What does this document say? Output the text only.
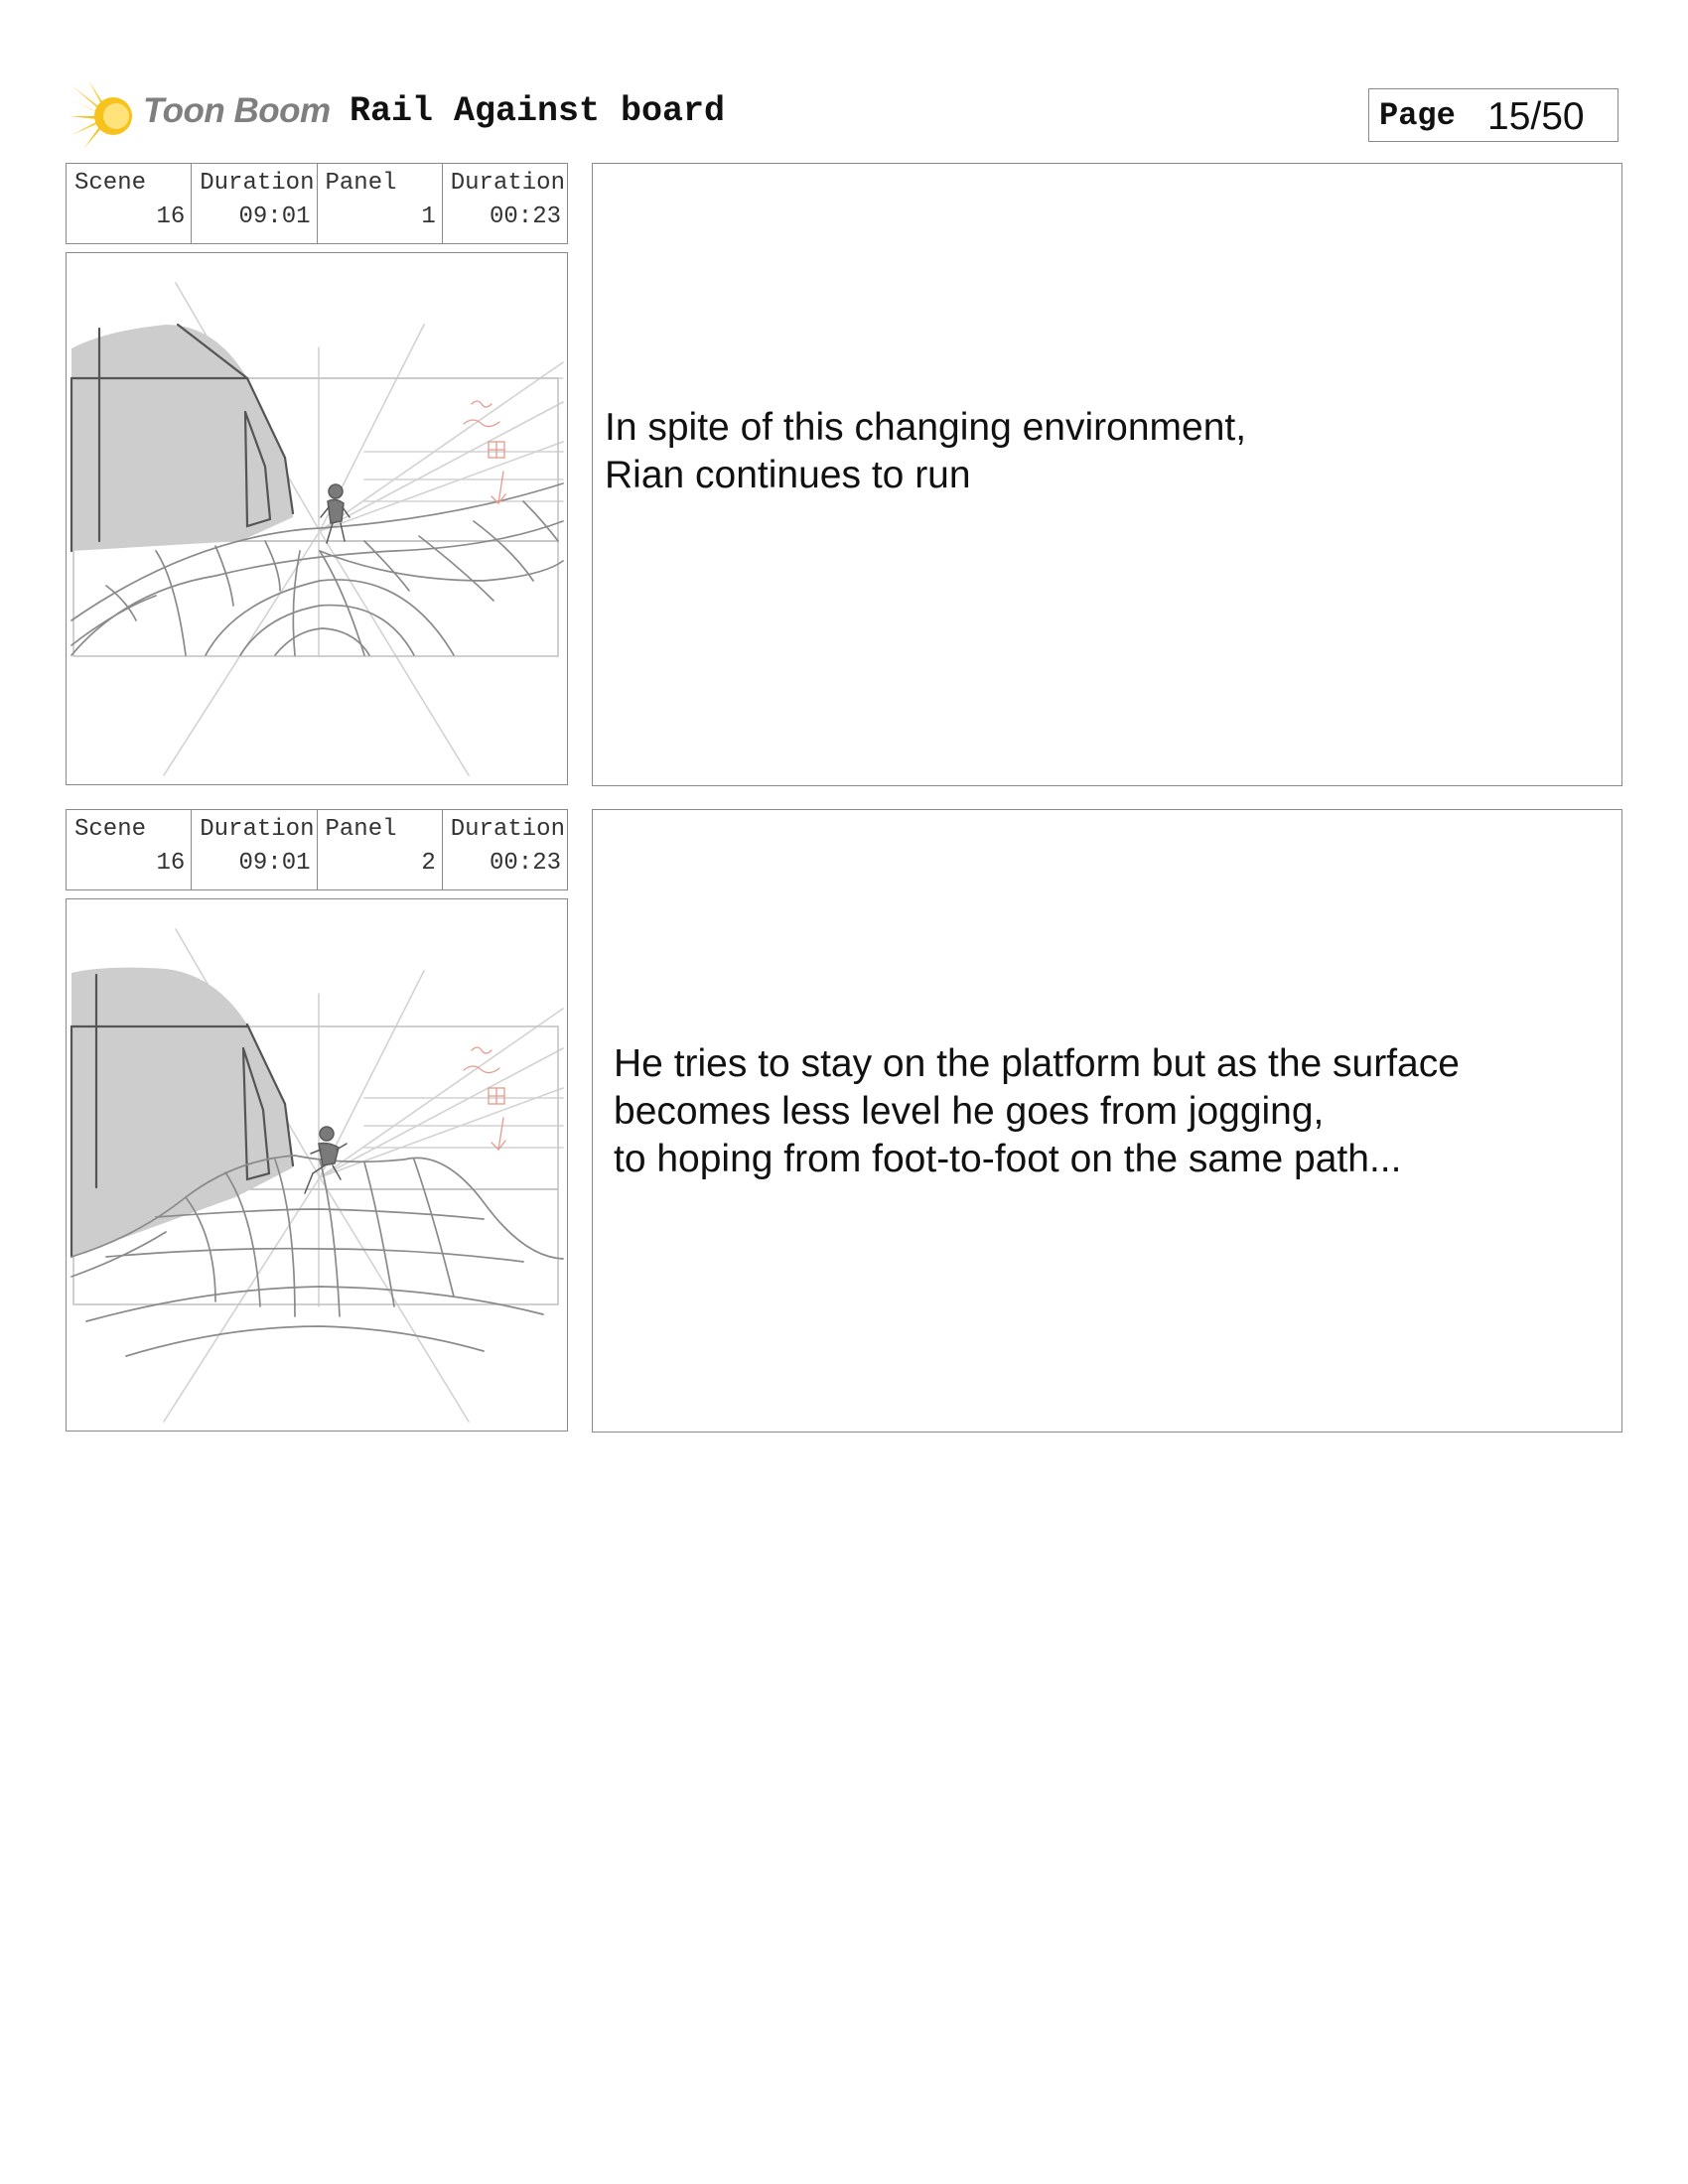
Toon Boom Rail Against board	Page 15/50
Scene
16
Duration
09:01
Panel
1
Duration
00:23
In spite of this changing environment,
Rian continues to run
Scene
16
Duration
09:01
Panel
2
Duration
00:23
He tries to stay on the platform but as the surface
becomes less level he goes from jogging,
to hoping from foot-to-foot on the same path...
